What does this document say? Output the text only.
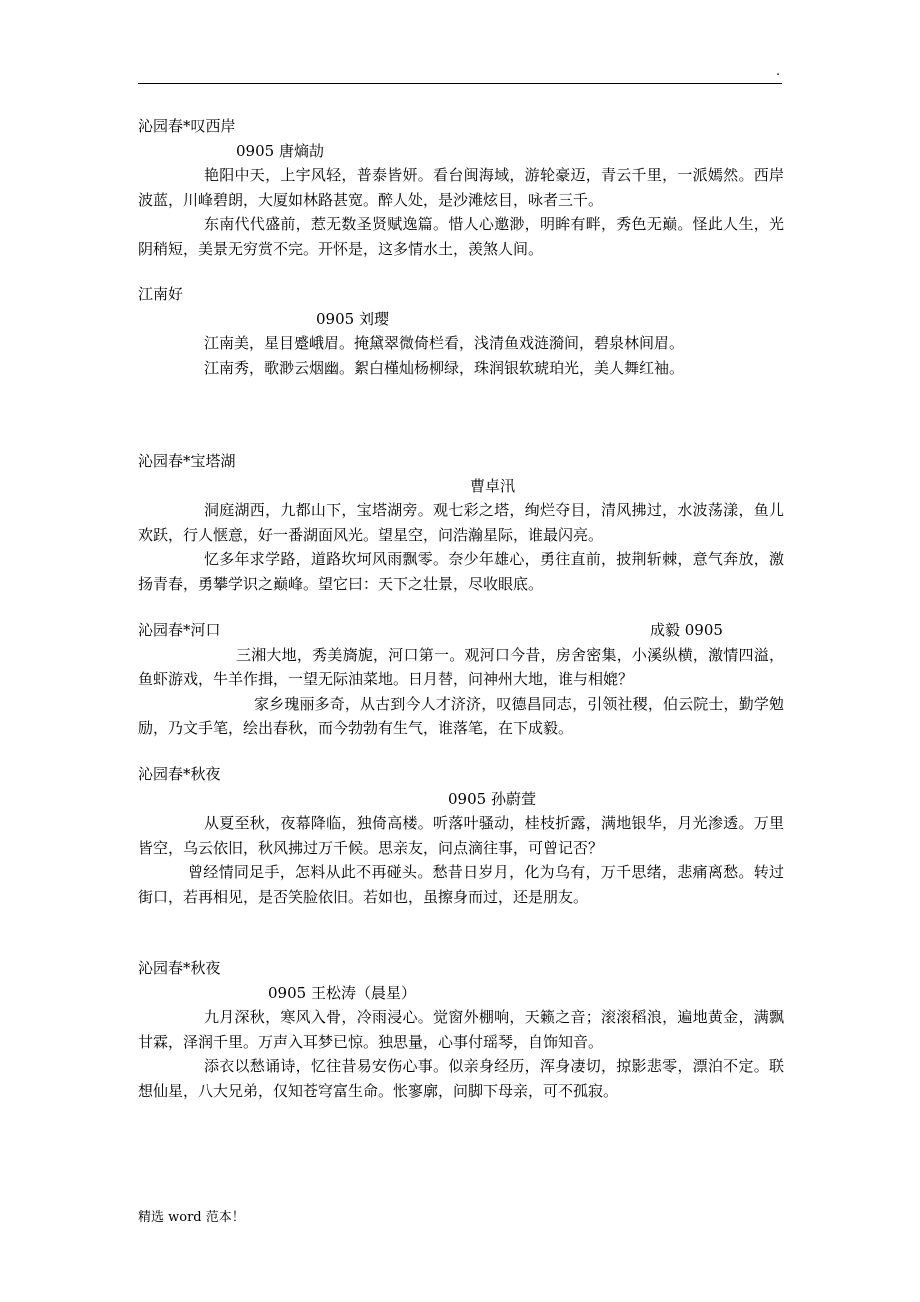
.
沁园春*叹西岸
0905 唐熵劼

艳阳中天，上宇风轻，普泰皆妍。看台闽海域，游轮豪迈，青云千里，一派嫣然。西岸波蓝，川峰碧朗，大厦如林路甚宽。醉人处，是沙滩炫目，咏者三千。

东南代代盛前，惹无数圣贤赋逸篇。惜人心邀渺，明眸有畔，秀色无巅。怪此人生，光阴稍短，美景无穷赏不完。开怀是，这多情水土，羡煞人间。

江南好
0905 刘璎

江南美，星目蹙峨眉。掩黛翠微倚栏看，浅清鱼戏涟漪间，碧泉林间眉。

江南秀，歌渺云烟幽。絮白槿灿杨柳绿，珠润银软琥珀光，美人舞红袖。

沁园春*宝塔湖
曹卓汛

洞庭湖西，九都山下，宝塔湖旁。观七彩之塔，绚烂夺目，清风拂过，水波荡漾，鱼儿欢跃，行人惬意，好一番湖面风光。望星空，问浩瀚星际，谁最闪亮。

忆多年求学路，道路坎坷风雨飘零。奈少年雄心，勇往直前，披荆斩棘，意气奔放，激扬青春，勇攀学识之巅峰。望它曰：天下之壮景，尽收眼底。

沁园春*河口	成毅 0905

三湘大地，秀美旖旎，河口第一。观河口今昔，房舍密集，小溪纵横，激情四溢，鱼虾游戏，牛羊作揖，一望无际油菜地。日月替，问神州大地，谁与相媲？

家乡瑰丽多奇，从古到今人才济济，叹德昌同志，引领社稷，伯云院士，勤学勉励，乃文手笔，绘出春秋，而今勃勃有生气，谁落笔，在下成毅。

沁园春*秋夜
0905 孙蔚萱

从夏至秋，夜幕降临，独倚高楼。听落叶骚动，桂枝折露，满地银华，月光渗透。万里皆空，乌云依旧，秋风拂过万千候。思亲友，问点滴往事，可曾记否？

曾经情同足手，怎料从此不再碰头。愁昔日岁月，化为乌有，万千思绪，悲痛离愁。转过街口，若再相见，是否笑脸依旧。若如也，虽擦身而过，还是朋友。

沁园春*秋夜
0905 王松涛（晨星）

九月深秋，寒风入骨，冷雨浸心。觉窗外棚响，天籁之音；滚滚稻浪，遍地黄金，满飘甘霖，泽润千里。万声入耳梦已惊。独思量，心事付瑶琴，自饰知音。

添衣以愁诵诗，忆往昔易安伤心事。似亲身经历，浑身凄切，掠影悲零，漂泊不定。联想仙星，八大兄弟，仅知苍穹富生命。怅寥廓，问脚下母亲，可不孤寂。

精选 word 范本！
